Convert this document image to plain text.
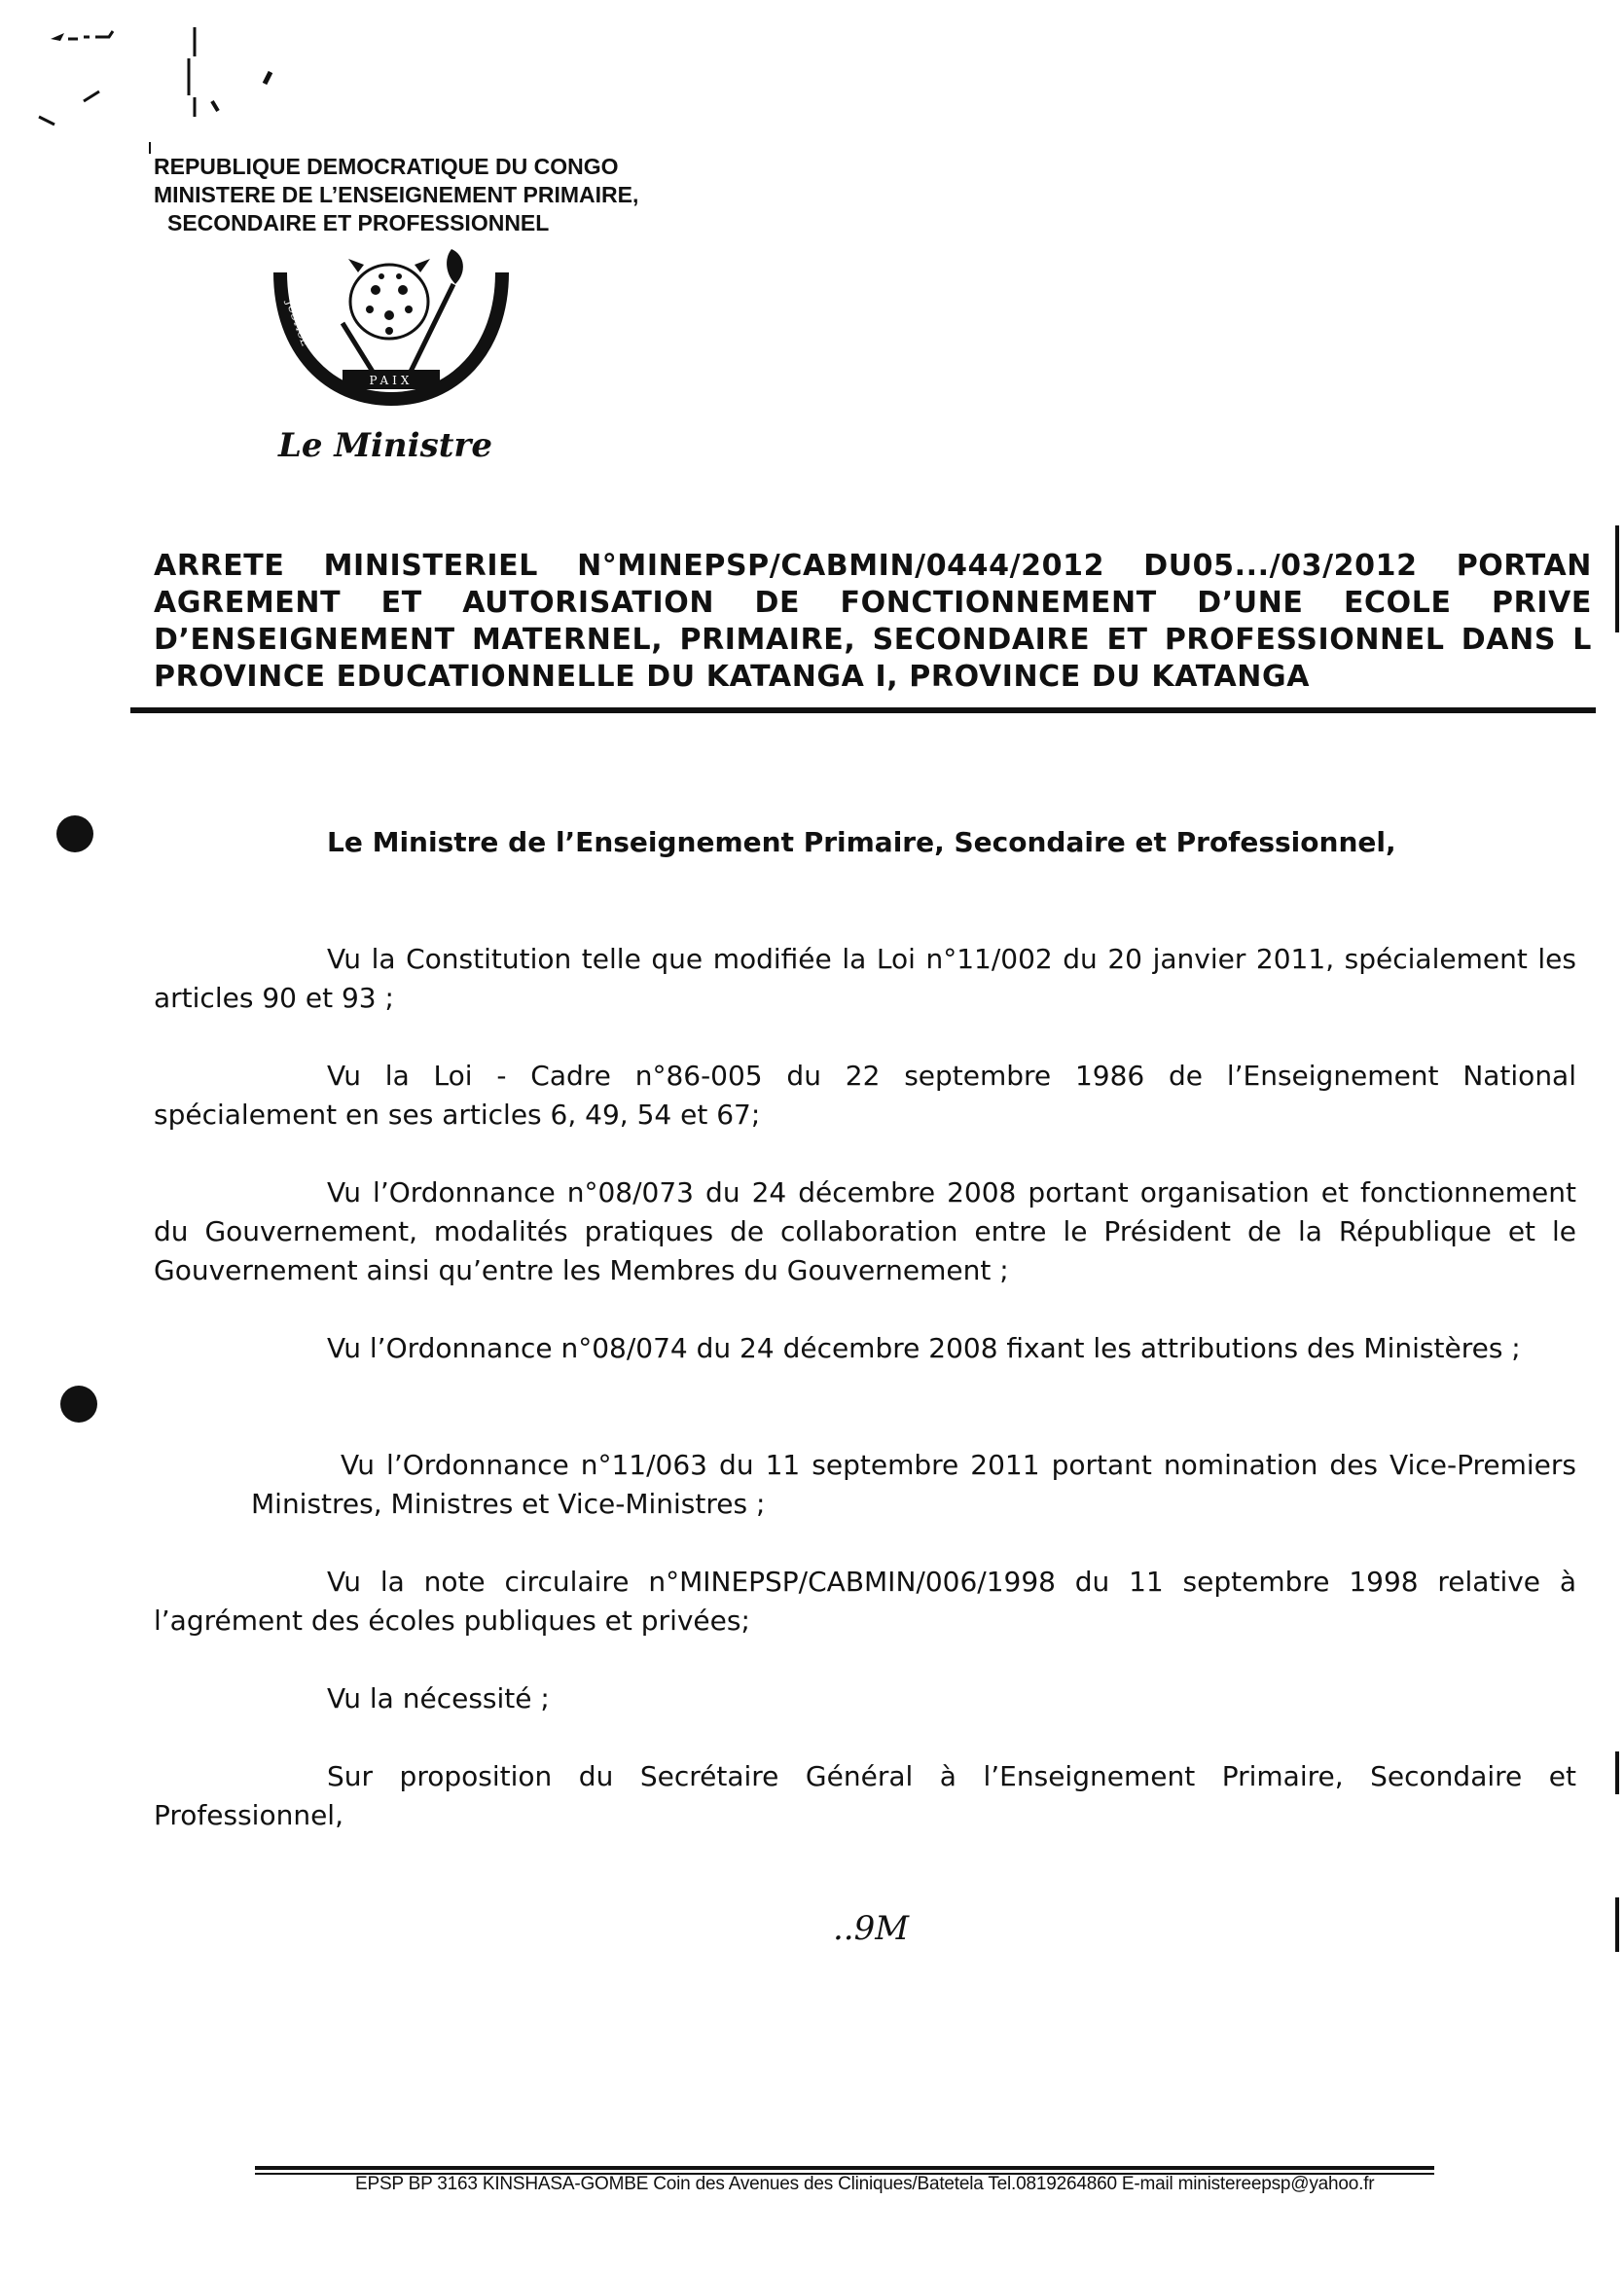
REPUBLIQUE DEMOCRATIQUE DU CONGO
MINISTERE DE L’ENSEIGNEMENT PRIMAIRE,

SECONDAIRE ET PROFESSIONNEL
PAIX
JUSTICE
TRAVAIL
Le Ministre
ARRETE MINISTERIEL N°MINEPSP/CABMIN/0444/2012 DU05.../03/2012 PORTAN
AGREMENT ET AUTORISATION DE FONCTIONNEMENT D’UNE ECOLE PRIVE
D’ENSEIGNEMENT MATERNEL, PRIMAIRE, SECONDAIRE ET PROFESSIONNEL DANS L
PROVINCE EDUCATIONNELLE DU KATANGA I, PROVINCE DU KATANGA
Le Ministre de l’Enseignement Primaire, Secondaire et Professionnel,
Vu la Constitution telle que modifiée la Loi n°11/002 du 20 janvier 2011, spécialement les articles 90 et 93 ;
Vu la Loi - Cadre n°86-005 du 22 septembre 1986 de l’Enseignement National spécialement en ses articles 6, 49, 54 et 67;
Vu l’Ordonnance n°08/073 du 24 décembre 2008 portant organisation et fonctionnement du Gouvernement, modalités pratiques de collaboration entre le Président de la République et le Gouvernement ainsi qu’entre les Membres du Gouvernement ;
Vu l’Ordonnance n°08/074 du 24 décembre 2008 fixant les attributions des Ministères ;
Vu l’Ordonnance n°11/063 du 11 septembre 2011 portant nomination des Vice-Premiers Ministres, Ministres et Vice-Ministres ;
Vu la note circulaire n°MINEPSP/CABMIN/006/1998 du 11 septembre 1998 relative à l’agrément des écoles publiques et privées;
Vu la nécessité ;
Sur proposition du Secrétaire Général à l’Enseignement Primaire, Secondaire et Professionnel,
..9M
EPSP BP 3163 KINSHASA-GOMBE Coin des Avenues des Cliniques/Batetela Tel.0819264860 E-mail ministereepsp@yahoo.fr
